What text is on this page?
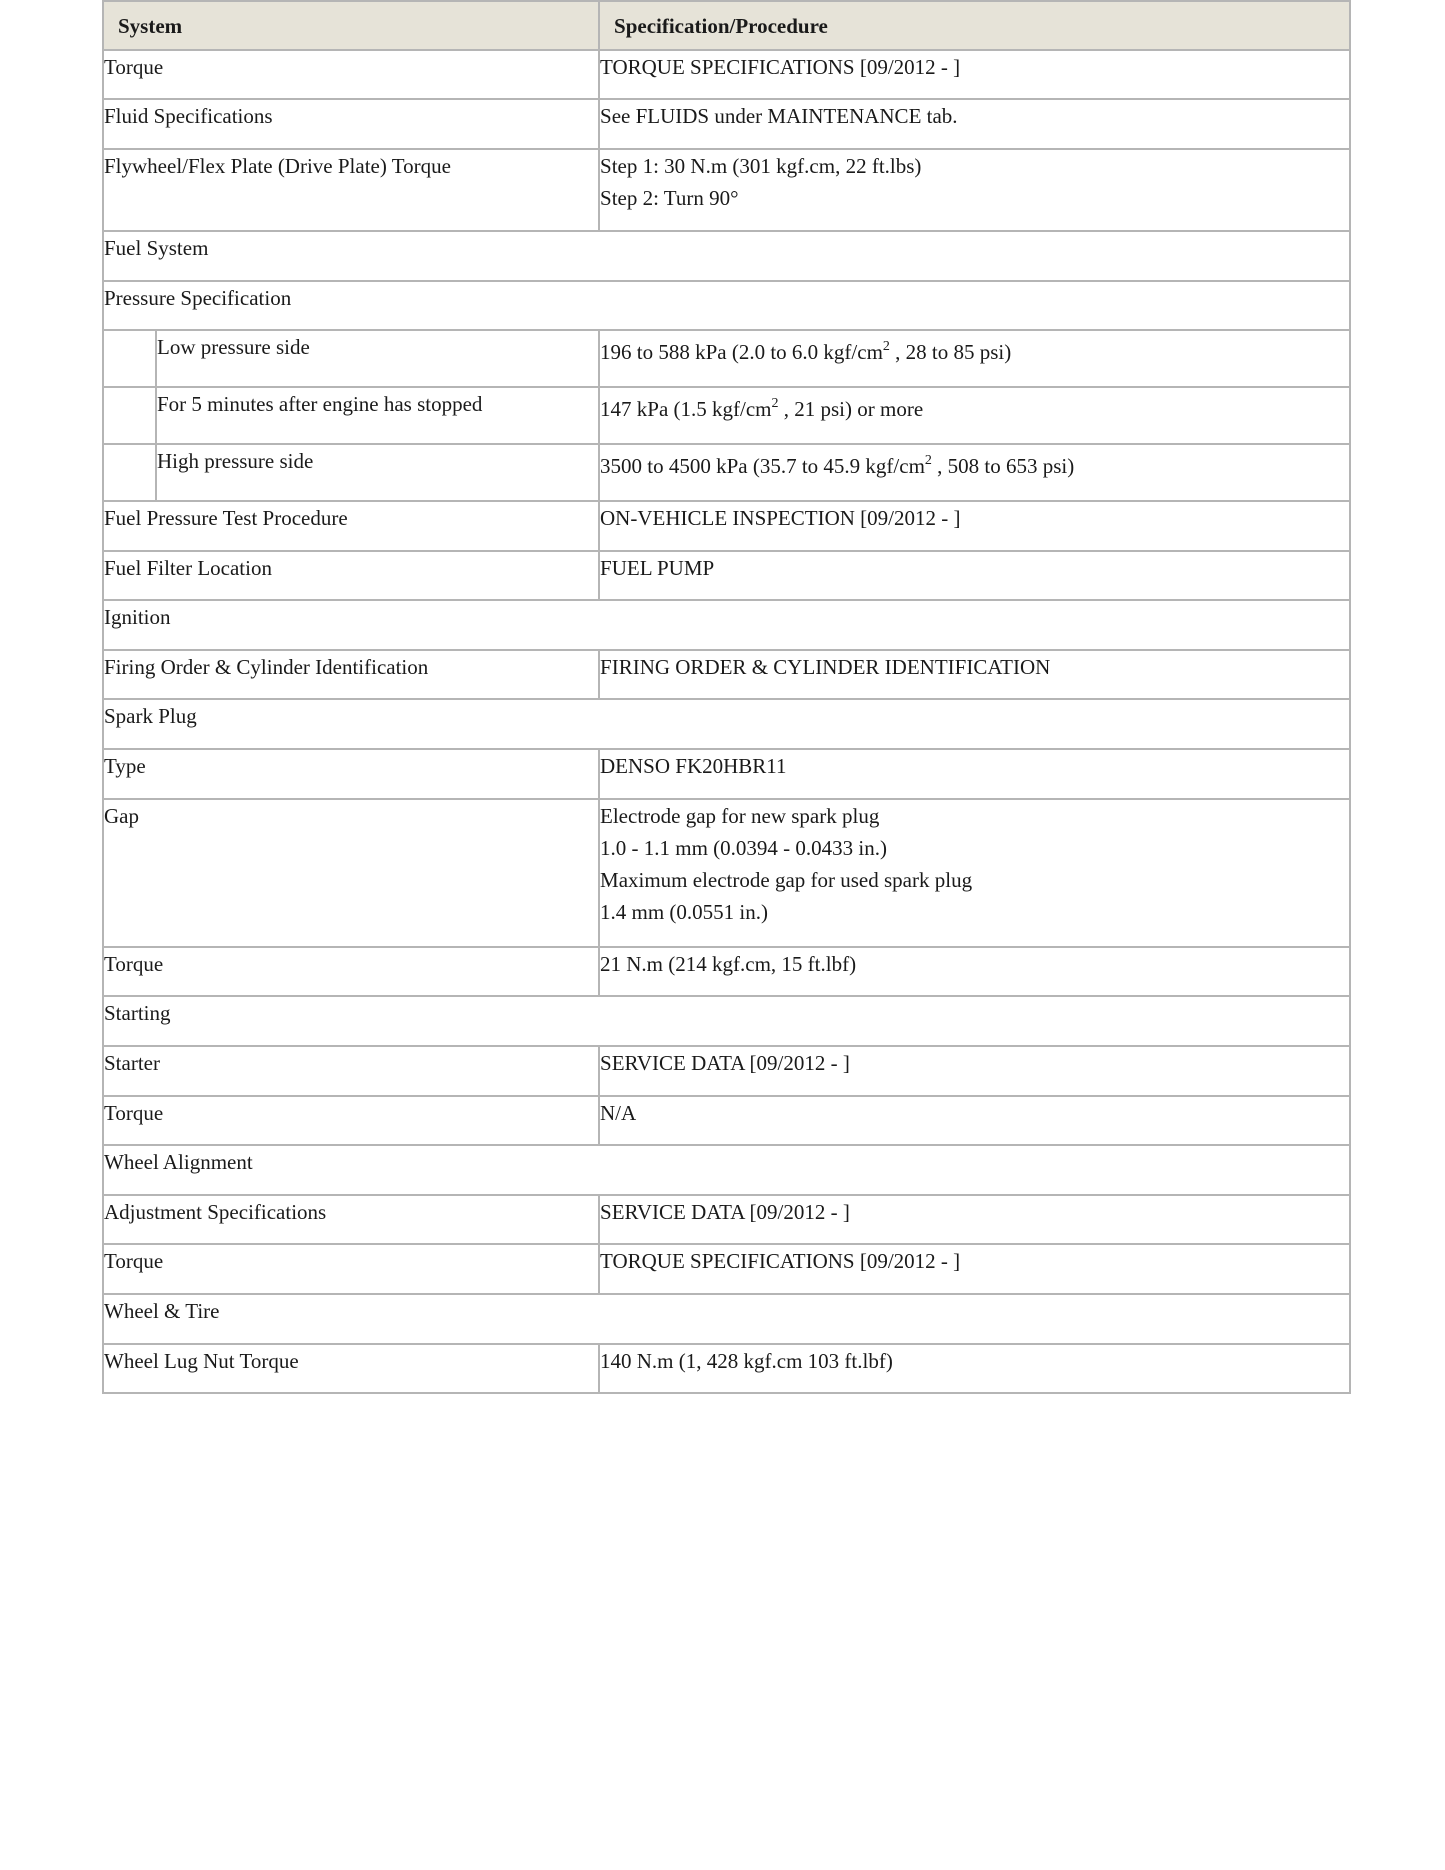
System		Specification/Procedure
Torque		TORQUE SPECIFICATIONS [09/2012 - ]
Fluid Specifications		See FLUIDS under MAINTENANCE tab.
Flywheel/Flex Plate (Drive Plate) Torque		Step 1: 30 N.m (301 kgf.cm, 22 ft.lbs)
Step 2: Turn 90°

Fuel System		
Pressure Specification		
	Low pressure side	196 to 588 kPa (2.0 to 6.0 kgf/$cm^2$ , 28 to 85 psi)
	For 5 minutes after engine has stopped	147 kPa (1.5 kgf/$cm^2$ , 21 psi) or more
	High pressure side	3500 to 4500 kPa (35.7 to 45.9 kgf/$cm^2$ , 508 to 653 psi)
Fuel Pressure Test Procedure		ON-VEHICLE INSPECTION [09/2012 - ]
Fuel Filter Location		FUEL PUMP
Ignition		
Firing Order & Cylinder Identification		FIRING ORDER & CYLINDER IDENTIFICATION
Spark Plug		
Type		DENSO FK20HBR11
Gap		Electrode gap for new spark plug
1.0 - 1.1 mm (0.0394 - 0.0433 in.)
Maximum electrode gap for used spark plug
1.4 mm (0.0551 in.)

Torque		21 N.m (214 kgf.cm, 15 ft.lbf)
Starting		
Starter		SERVICE DATA [09/2012 - ]
Torque		N/A
Wheel Alignment		
Adjustment Specifications		SERVICE DATA [09/2012 - ]
Torque		TORQUE SPECIFICATIONS [09/2012 - ]
Wheel & Tire		
Wheel Lug Nut Torque		140 N.m (1, 428 kgf.cm 103 ft.lbf)
